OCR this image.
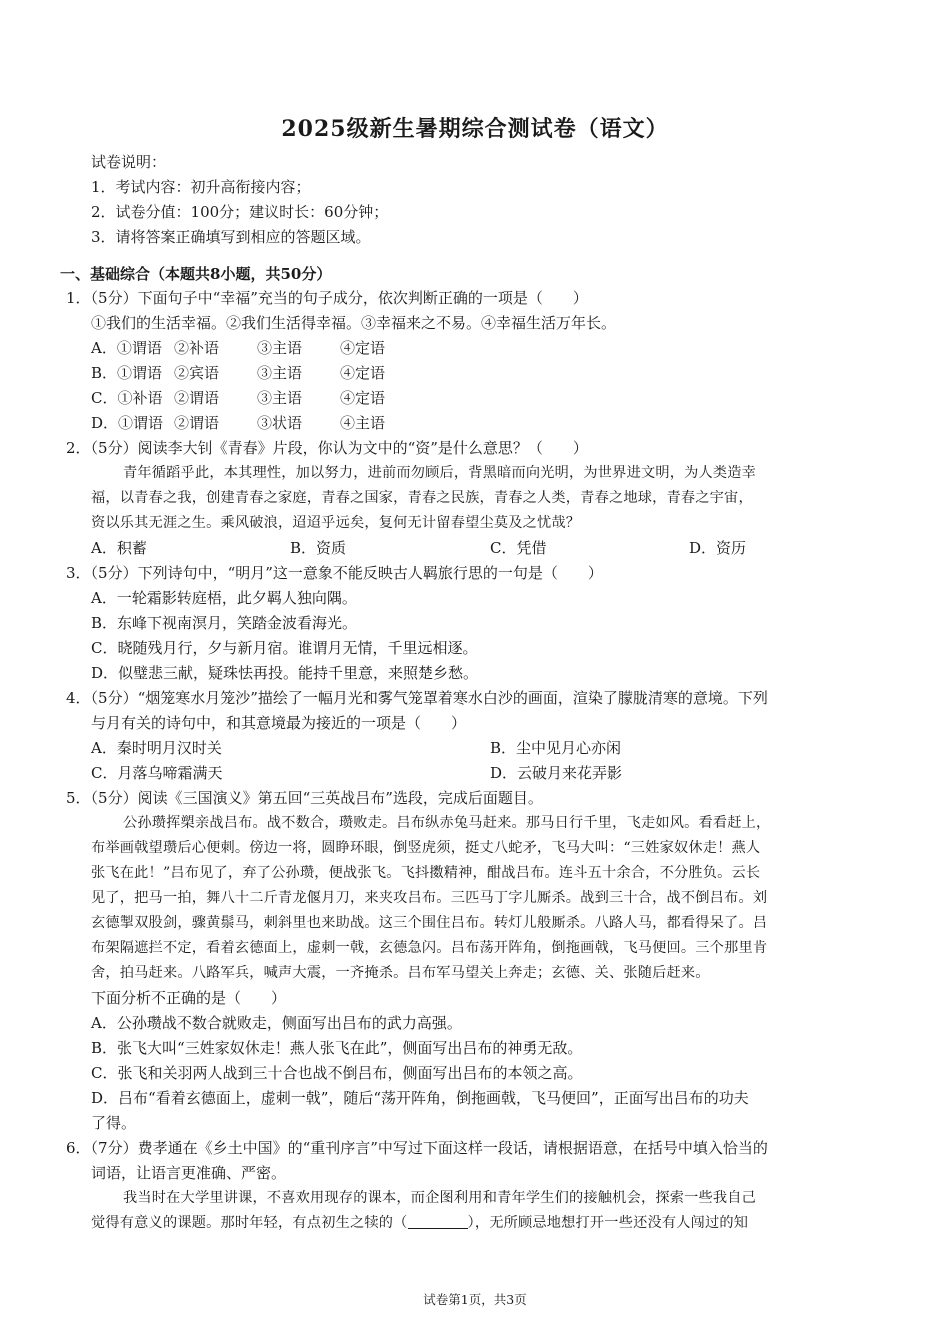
2025级新生暑期综合测试卷（语文）
试卷说明：
1．考试内容：初升高衔接内容；
2．试卷分值：100分；建议时长：60分钟；
3．请将答案正确填写到相应的答题区域。
一、基础综合（本题共8小题，共50分）
1．（5分）下面句子中“幸福”充当的句子成分，依次判断正确的一项是（　　）
①我们的生活幸福。②我们生活得幸福。③幸福来之不易。④幸福生活万年长。
A．①谓语 ②补语	③主语	④定语
B．①谓语 ②宾语	③主语	④定语
C．①补语 ②谓语	③主语	④定语
D．①谓语 ②谓语	③状语	④主语
2．（5分）阅读李大钊《青春》片段，你认为文中的“资”是什么意思？（　　）
青年循蹈乎此，本其理性，加以努力，进前而勿顾后，背黑暗而向光明，为世界进文明，为人类造幸
福，以青春之我，创建青春之家庭，青春之国家，青春之民族，青春之人类，青春之地球，青春之宇宙，
资以乐其无涯之生。乘风破浪，迢迢乎远矣，复何无计留春望尘莫及之忧哉？
A．积蓄	B．资质	C．凭借	D．资历
3．（5分）下列诗句中，“明月”这一意象不能反映古人羁旅行思的一句是（　　）
A．一轮霜影转庭梧，此夕羁人独向隅。
B．东峰下视南溟月，笑踏金波看海光。
C．晓随残月行，夕与新月宿。谁谓月无情，千里远相逐。
D．似璧悲三献，疑珠怯再投。能持千里意，来照楚乡愁。
4．（5分）“烟笼寒水月笼沙”描绘了一幅月光和雾气笼罩着寒水白沙的画面，渲染了朦胧清寒的意境。下列
与月有关的诗句中，和其意境最为接近的一项是（　　）
A．秦时明月汉时关	B．尘中见月心亦闲
C．月落乌啼霜满天	D．云破月来花弄影
5．（5分）阅读《三国演义》第五回“三英战吕布”选段，完成后面题目。
公孙瓒挥槊亲战吕布。战不数合，瓒败走。吕布纵赤兔马赶来。那马日行千里，飞走如风。看看赶上，
布举画戟望瓒后心便刺。傍边一将，圆睁环眼，倒竖虎须，挺丈八蛇矛，飞马大叫：“三姓家奴休走！燕人
张飞在此！”吕布见了，弃了公孙瓒，便战张飞。飞抖擞精神，酣战吕布。连斗五十余合，不分胜负。云长
见了，把马一拍，舞八十二斤青龙偃月刀，来夹攻吕布。三匹马丁字儿厮杀。战到三十合，战不倒吕布。刘
玄德掣双股剑，骤黄鬃马，刺斜里也来助战。这三个围住吕布。转灯儿般厮杀。八路人马，都看得呆了。吕
布架隔遮拦不定，看着玄德面上，虚刺一戟，玄德急闪。吕布荡开阵角，倒拖画戟，飞马便回。三个那里肯
舍，拍马赶来。八路军兵，喊声大震，一齐掩杀。吕布军马望关上奔走；玄德、关、张随后赶来。
下面分析不正确的是（　　）
A．公孙瓒战不数合就败走，侧面写出吕布的武力高强。
B．张飞大叫“三姓家奴休走！燕人张飞在此”，侧面写出吕布的神勇无敌。
C．张飞和关羽两人战到三十合也战不倒吕布，侧面写出吕布的本领之高。
D．吕布“看着玄德面上，虚刺一戟”，随后“荡开阵角，倒拖画戟，飞马便回”，正面写出吕布的功夫
了得。
6．（7分）费孝通在《乡土中国》的“重刊序言”中写过下面这样一段话，请根据语意，在括号中填入恰当的
词语，让语言更准确、严密。
我当时在大学里讲课，不喜欢用现存的课本，而企图利用和青年学生们的接触机会，探索一些我自己
觉得有意义的课题。那时年轻，有点初生之犊的（	），无所顾忌地想打开一些还没有人闯过的知
试卷第1页，共3页
